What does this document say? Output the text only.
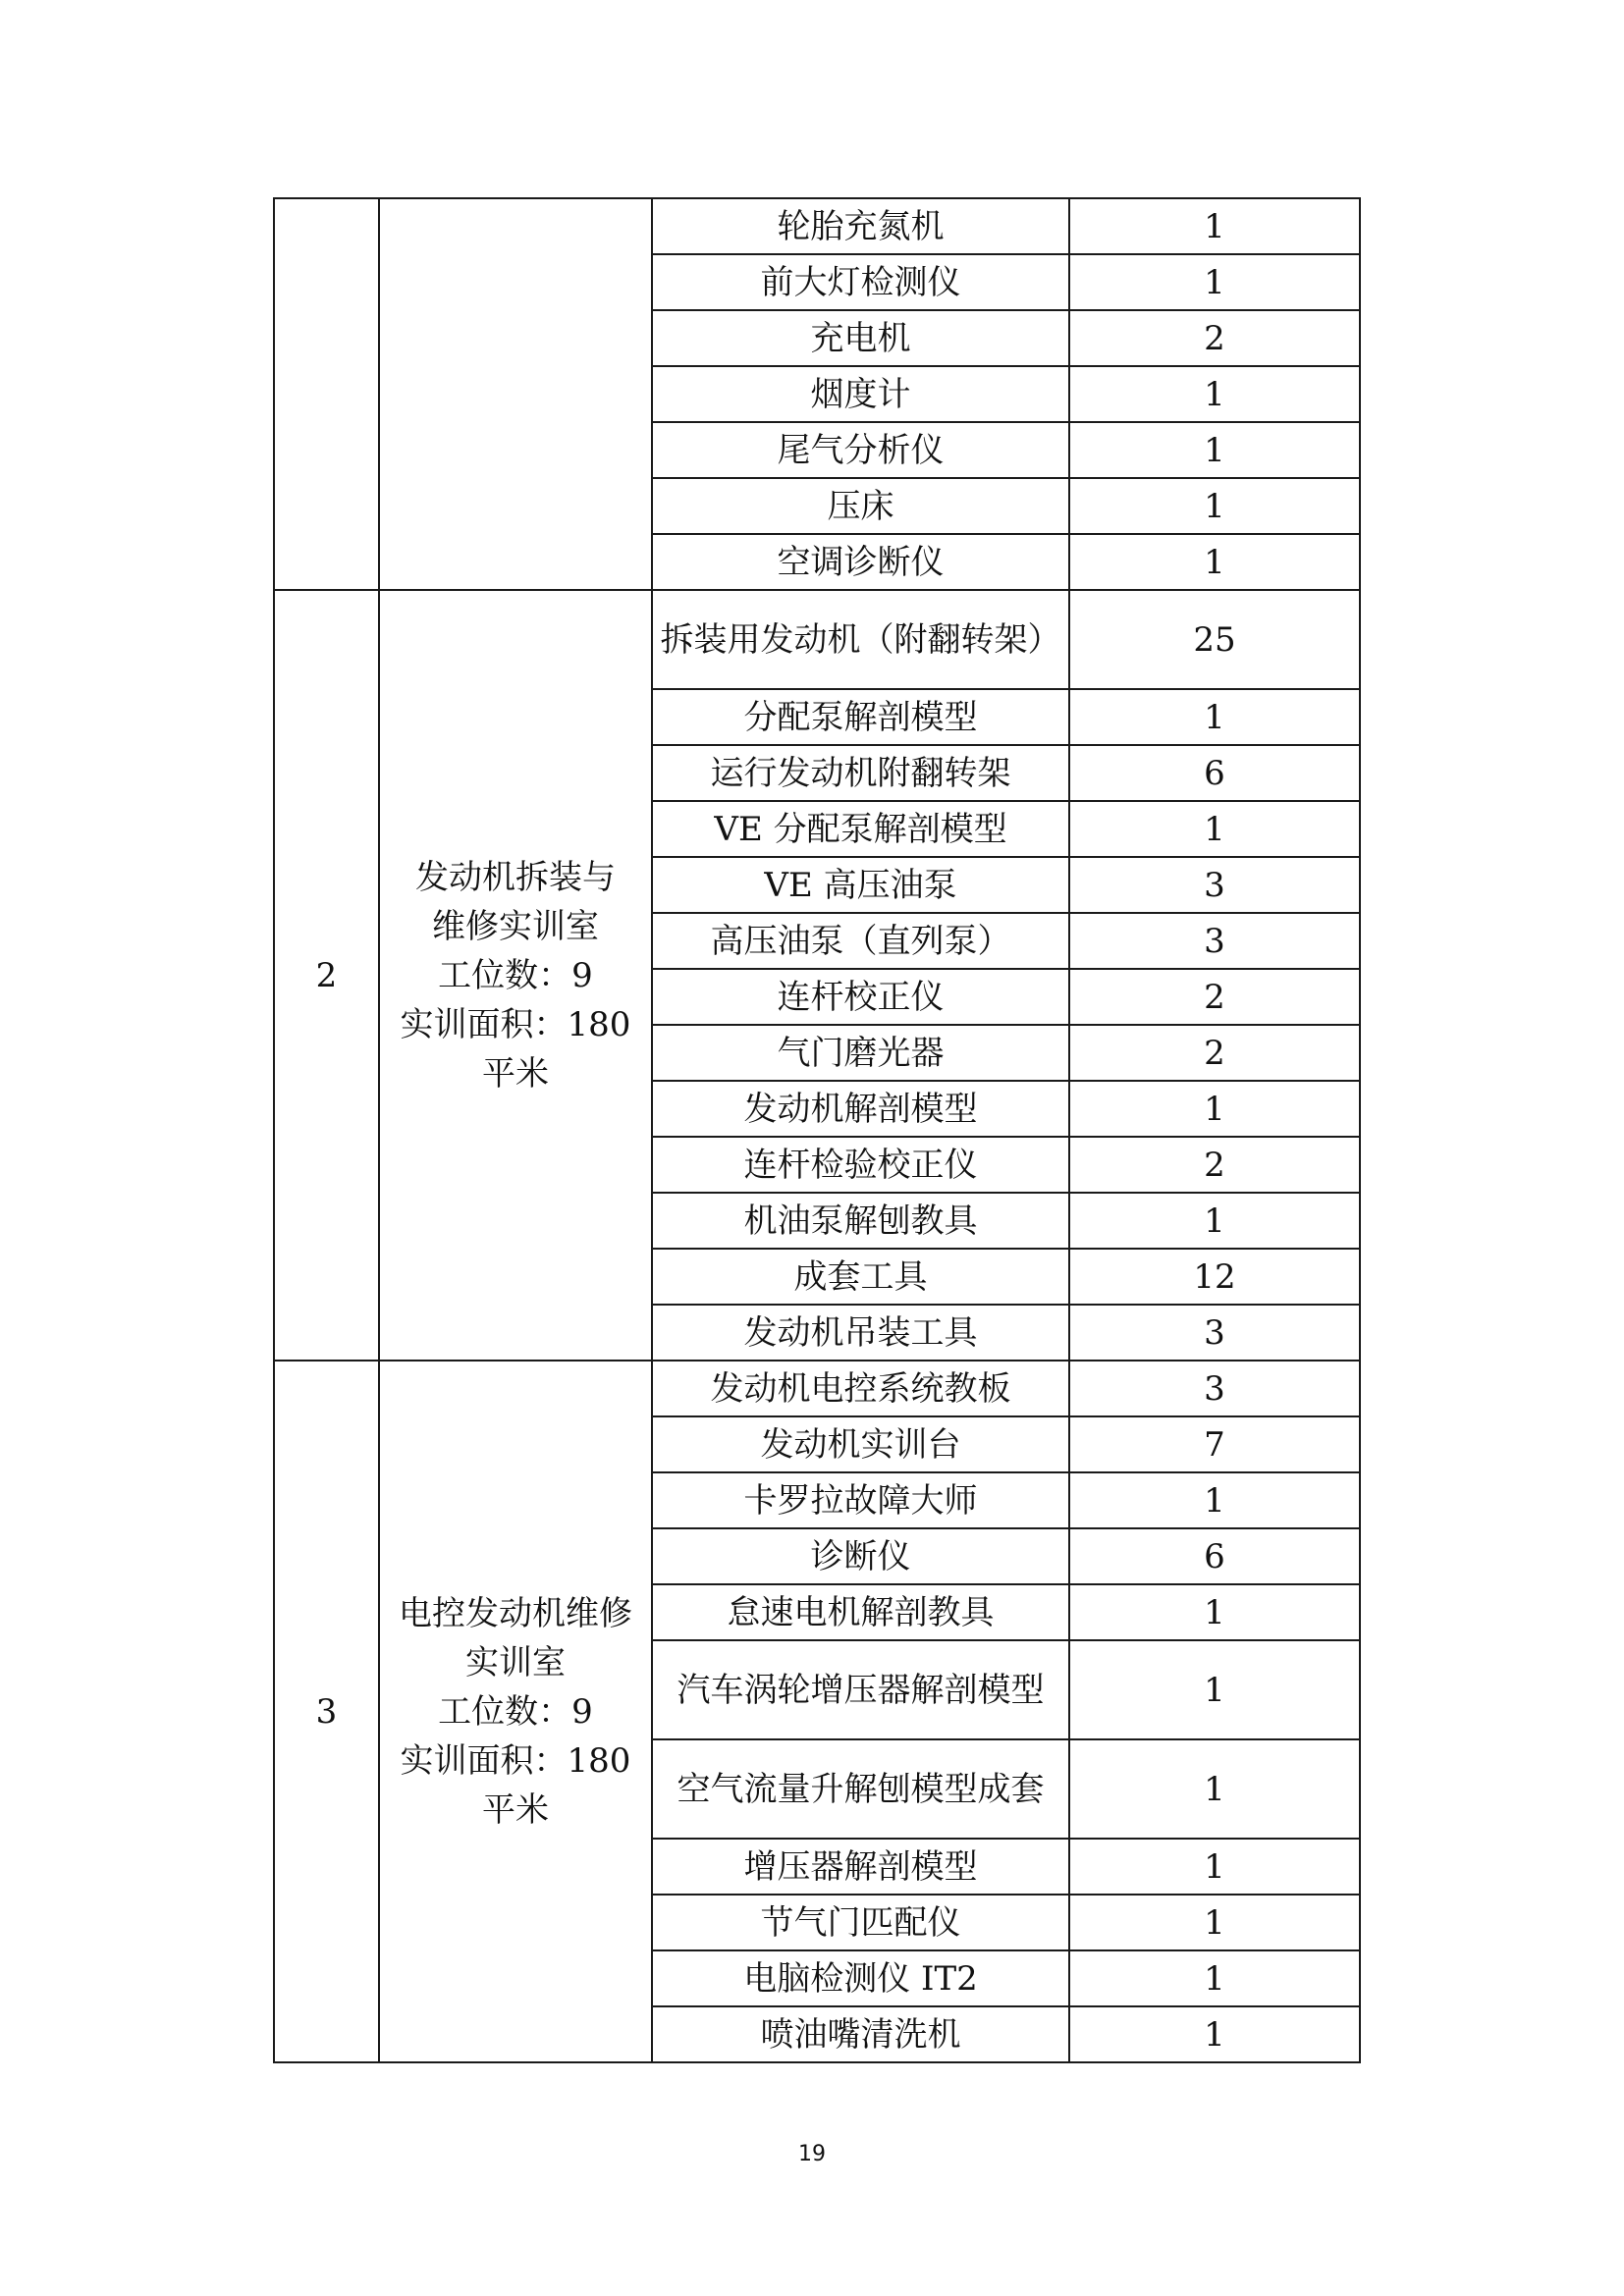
		轮胎充氮机	1
		前大灯检测仪	1
		充电机	2
		烟度计	1
		尾气分析仪	1
		压床	1
		空调诊断仪	1
2	发动机拆装与
维修实训室
工位数：9
实训面积：180
平米	拆装用发动机（附翻转架）	25
		分配泵解剖模型	1
		运行发动机附翻转架	6
		VE 分配泵解剖模型	1
		VE 高压油泵	3
		高压油泵（直列泵）	3
		连杆校正仪	2
		气门磨光器	2
		发动机解剖模型	1
		连杆检验校正仪	2
		机油泵解刨教具	1
		成套工具	12
		发动机吊装工具	3
3	电控发动机维修
实训室
工位数：9
实训面积：180
平米	发动机电控系统教板	3
		发动机实训台	7
		卡罗拉故障大师	1
		诊断仪	6
		怠速电机解剖教具	1
		汽车涡轮增压器解剖模型	1
		空气流量升解刨模型成套	1
		增压器解剖模型	1
		节气门匹配仪	1
		电脑检测仪 IT2	1
		喷油嘴清洗机	1
19
